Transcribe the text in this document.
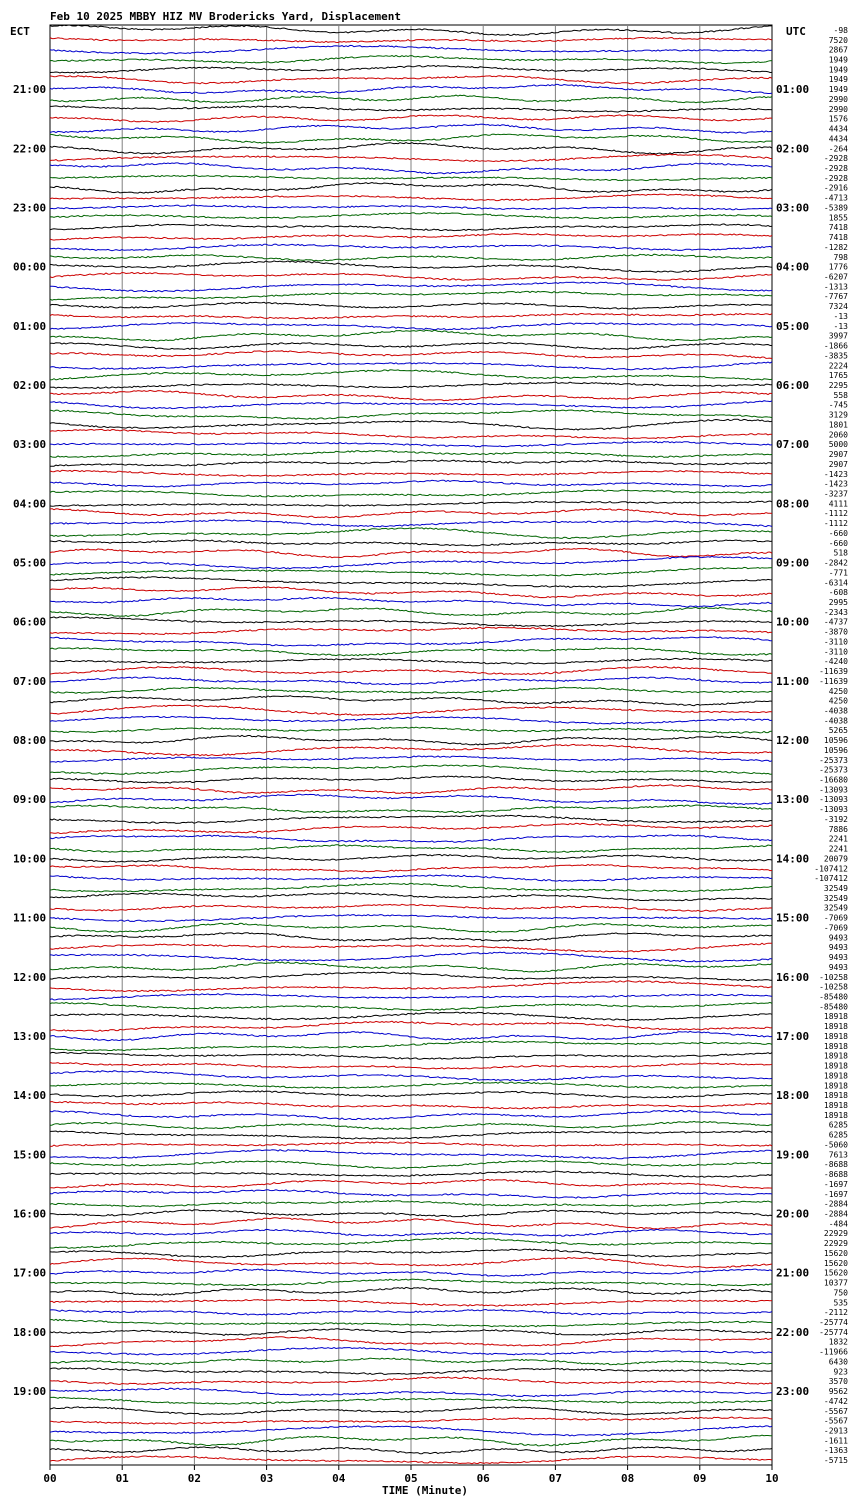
Feb 10 2025 MBBY HIZ MV Brodericks Yard, Displacement
ECT	UTC
21:00
22:00
23:00
00:00
01:00
02:00
03:00
04:00
05:00
06:00
07:00
08:00
09:00
10:00
11:00
12:00
13:00
14:00
15:00
16:00
17:00
18:00
19:00
01:00
02:00
03:00
04:00
05:00
06:00
07:00
08:00
09:00
10:00
11:00
12:00
13:00
14:00
15:00
16:00
17:00
18:00
19:00
20:00
21:00
22:00
23:00
-98
7520
2867
1949
1949
1949
1949
2990
2990
1576
4434
4434
-264
-2928
-2928
-2928
-2916
-4713
-5389
1855
7418
7418
-1282
798
1776
-6207
-1313
-7767
7324
-13
-13
3997
-1866
-3835
2224
1765
2295
558
-745
3129
1801
2060
5000
2907
2907
-1423
-1423
-3237
4111
-1112
-1112
-660
-660
518
-2842
-771
-6314
-608
2995
-2343
-4737
-3870
-3110
-3110
-4240
-11639
-11639
4250
4250
-4038
-4038
5265
10596
10596
-25373
-25373
-16680
-13093
-13093
-13093
-3192
7886
2241
2241
20079
-107412
-107412
32549
32549
32549
-7069
-7069
9493
9493
9493
9493
-10258
-10258
-85480
-85480
18918
18918
18918
18918
18918
18918
18918
18918
18918
18918
18918
6285
6285
-5060
7613
-8688
-8688
-1697
-1697
-2884
-2884
-484
22929
22929
15620
15620
15620
10377
750
535
-2112
-25774
-25774
1832
-11966
6430
923
3570
9562
-4742
-5567
-5567
-2913
-1611
-1363
-5715
00	01	02	03	04	05	06	07	08	09	10
TIME (Minute)
